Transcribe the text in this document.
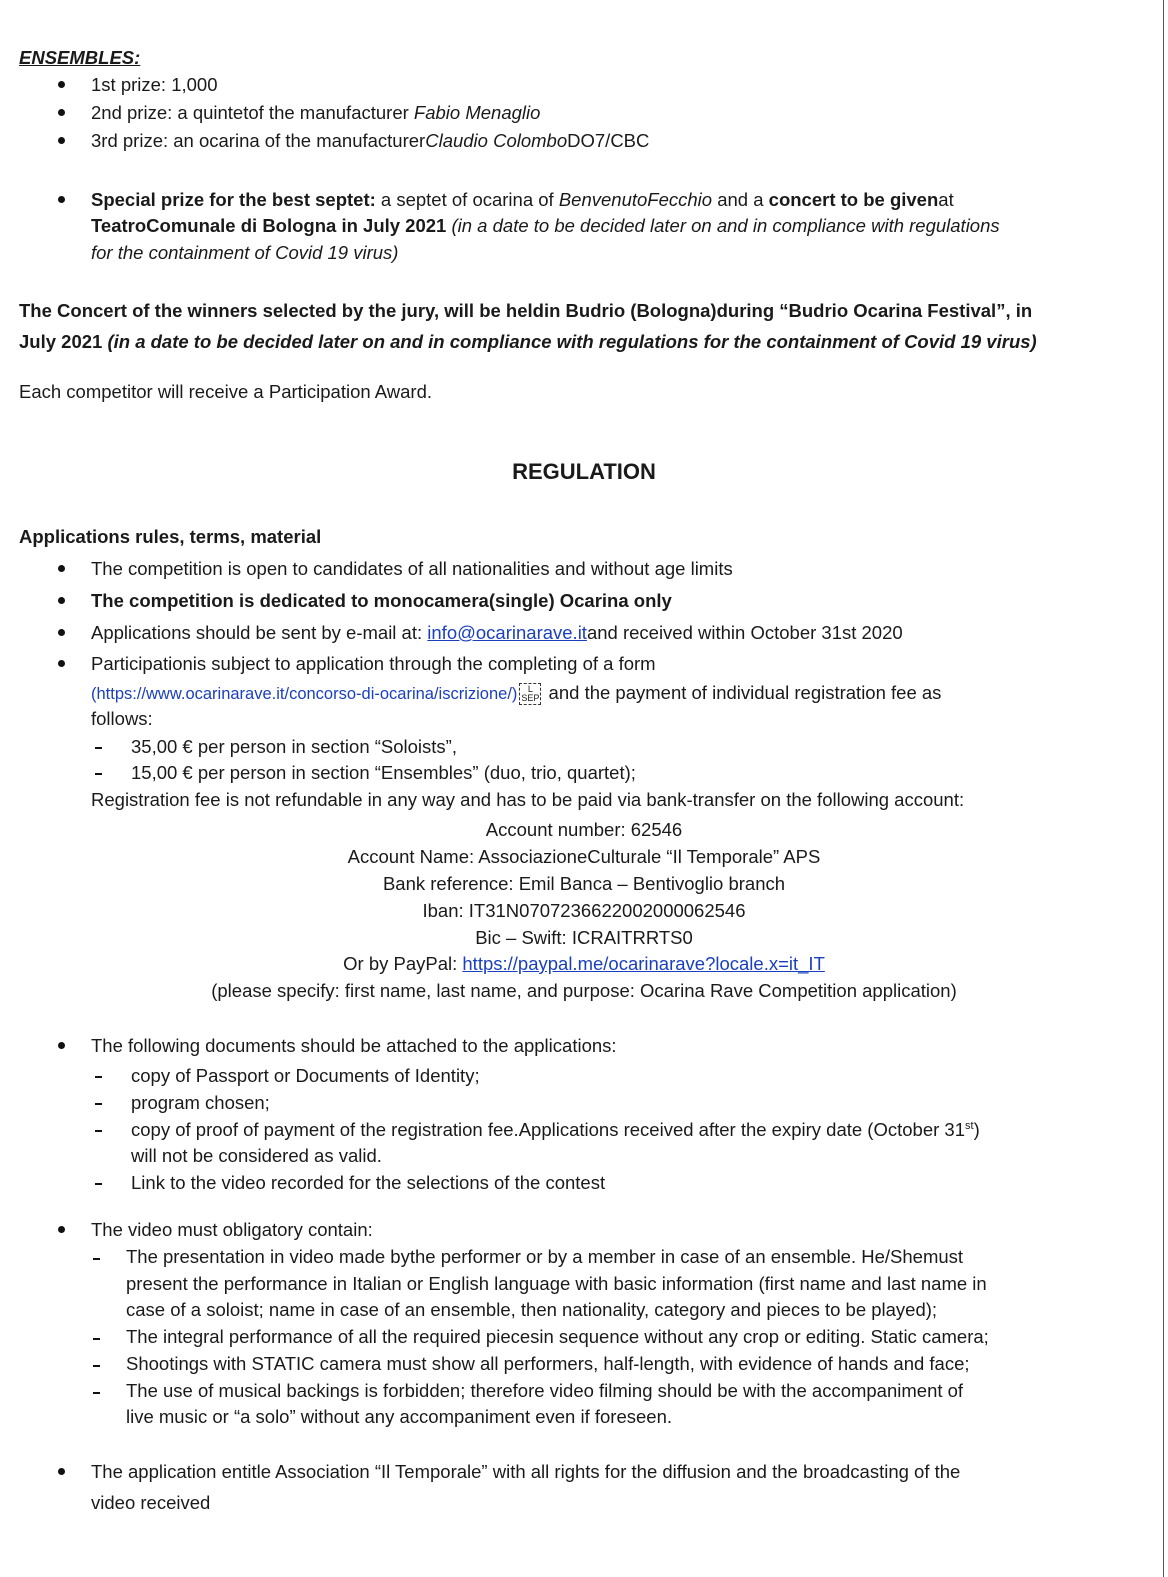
ENSEMBLES:
1st prize: 1,000
2nd prize: a quintetof the manufacturer Fabio Menaglio
3rd prize: an ocarina of the manufacturerClaudio ColomboDO7/CBC
Special prize for the best septet: a septet of ocarina of BenvenutoFecchio and a concert to be givenat
TeatroComunale di Bologna in July 2021 (in a date to be decided later on and in compliance with regulations
for the containment of Covid 19 virus)
The Concert of the winners selected by the jury, will be heldin Budrio (Bologna)during “Budrio Ocarina Festival”, in
July 2021 (in a date to be decided later on and in compliance with regulations for the containment of Covid 19 virus)
Each competitor will receive a Participation Award.
REGULATION
Applications rules, terms, material
The competition is open to candidates of all nationalities and without age limits
The competition is dedicated to monocamera(single) Ocarina only
Applications should be sent by e-mail at: info@ocarinarave.itand received within October 31st 2020
Participationis subject to application through the completing of a form
(https://www.ocarinarave.it/concorso-di-ocarina/iscrizione/) L
SEP and the payment of individual registration fee as
follows:
35,00 € per person in section “Soloists”,
15,00 € per person in section “Ensembles” (duo, trio, quartet);
Registration fee is not refundable in any way and has to be paid via bank-transfer on the following account:
Account number: 62546
Account Name: AssociazioneCulturale “Il Temporale” APS
Bank reference: Emil Banca – Bentivoglio branch
Iban: IT31N0707236622002000062546
Bic – Swift: ICRAITRRTS0
Or by PayPal: https://paypal.me/ocarinarave?locale.x=it_IT
(please specify: first name, last name, and purpose: Ocarina Rave Competition application)
The following documents should be attached to the applications:
copy of Passport or Documents of Identity;
program chosen;
copy of proof of payment of the registration fee.Applications received after the expiry date (October 31st)
will not be considered as valid.
Link to the video recorded for the selections of the contest
The video must obligatory contain:
The presentation in video made bythe performer or by a member in case of an ensemble. He/Shemust
present the performance in Italian or English language with basic information (first name and last name in
case of a soloist; name in case of an ensemble, then nationality, category and pieces to be played);
The integral performance of all the required piecesin sequence without any crop or editing. Static camera;
Shootings with STATIC camera must show all performers, half-length, with evidence of hands and face;
The use of musical backings is forbidden; therefore video filming should be with the accompaniment of
live music or “a solo” without any accompaniment even if foreseen.
The application entitle Association “Il Temporale” with all rights for the diffusion and the broadcasting of the
video received
